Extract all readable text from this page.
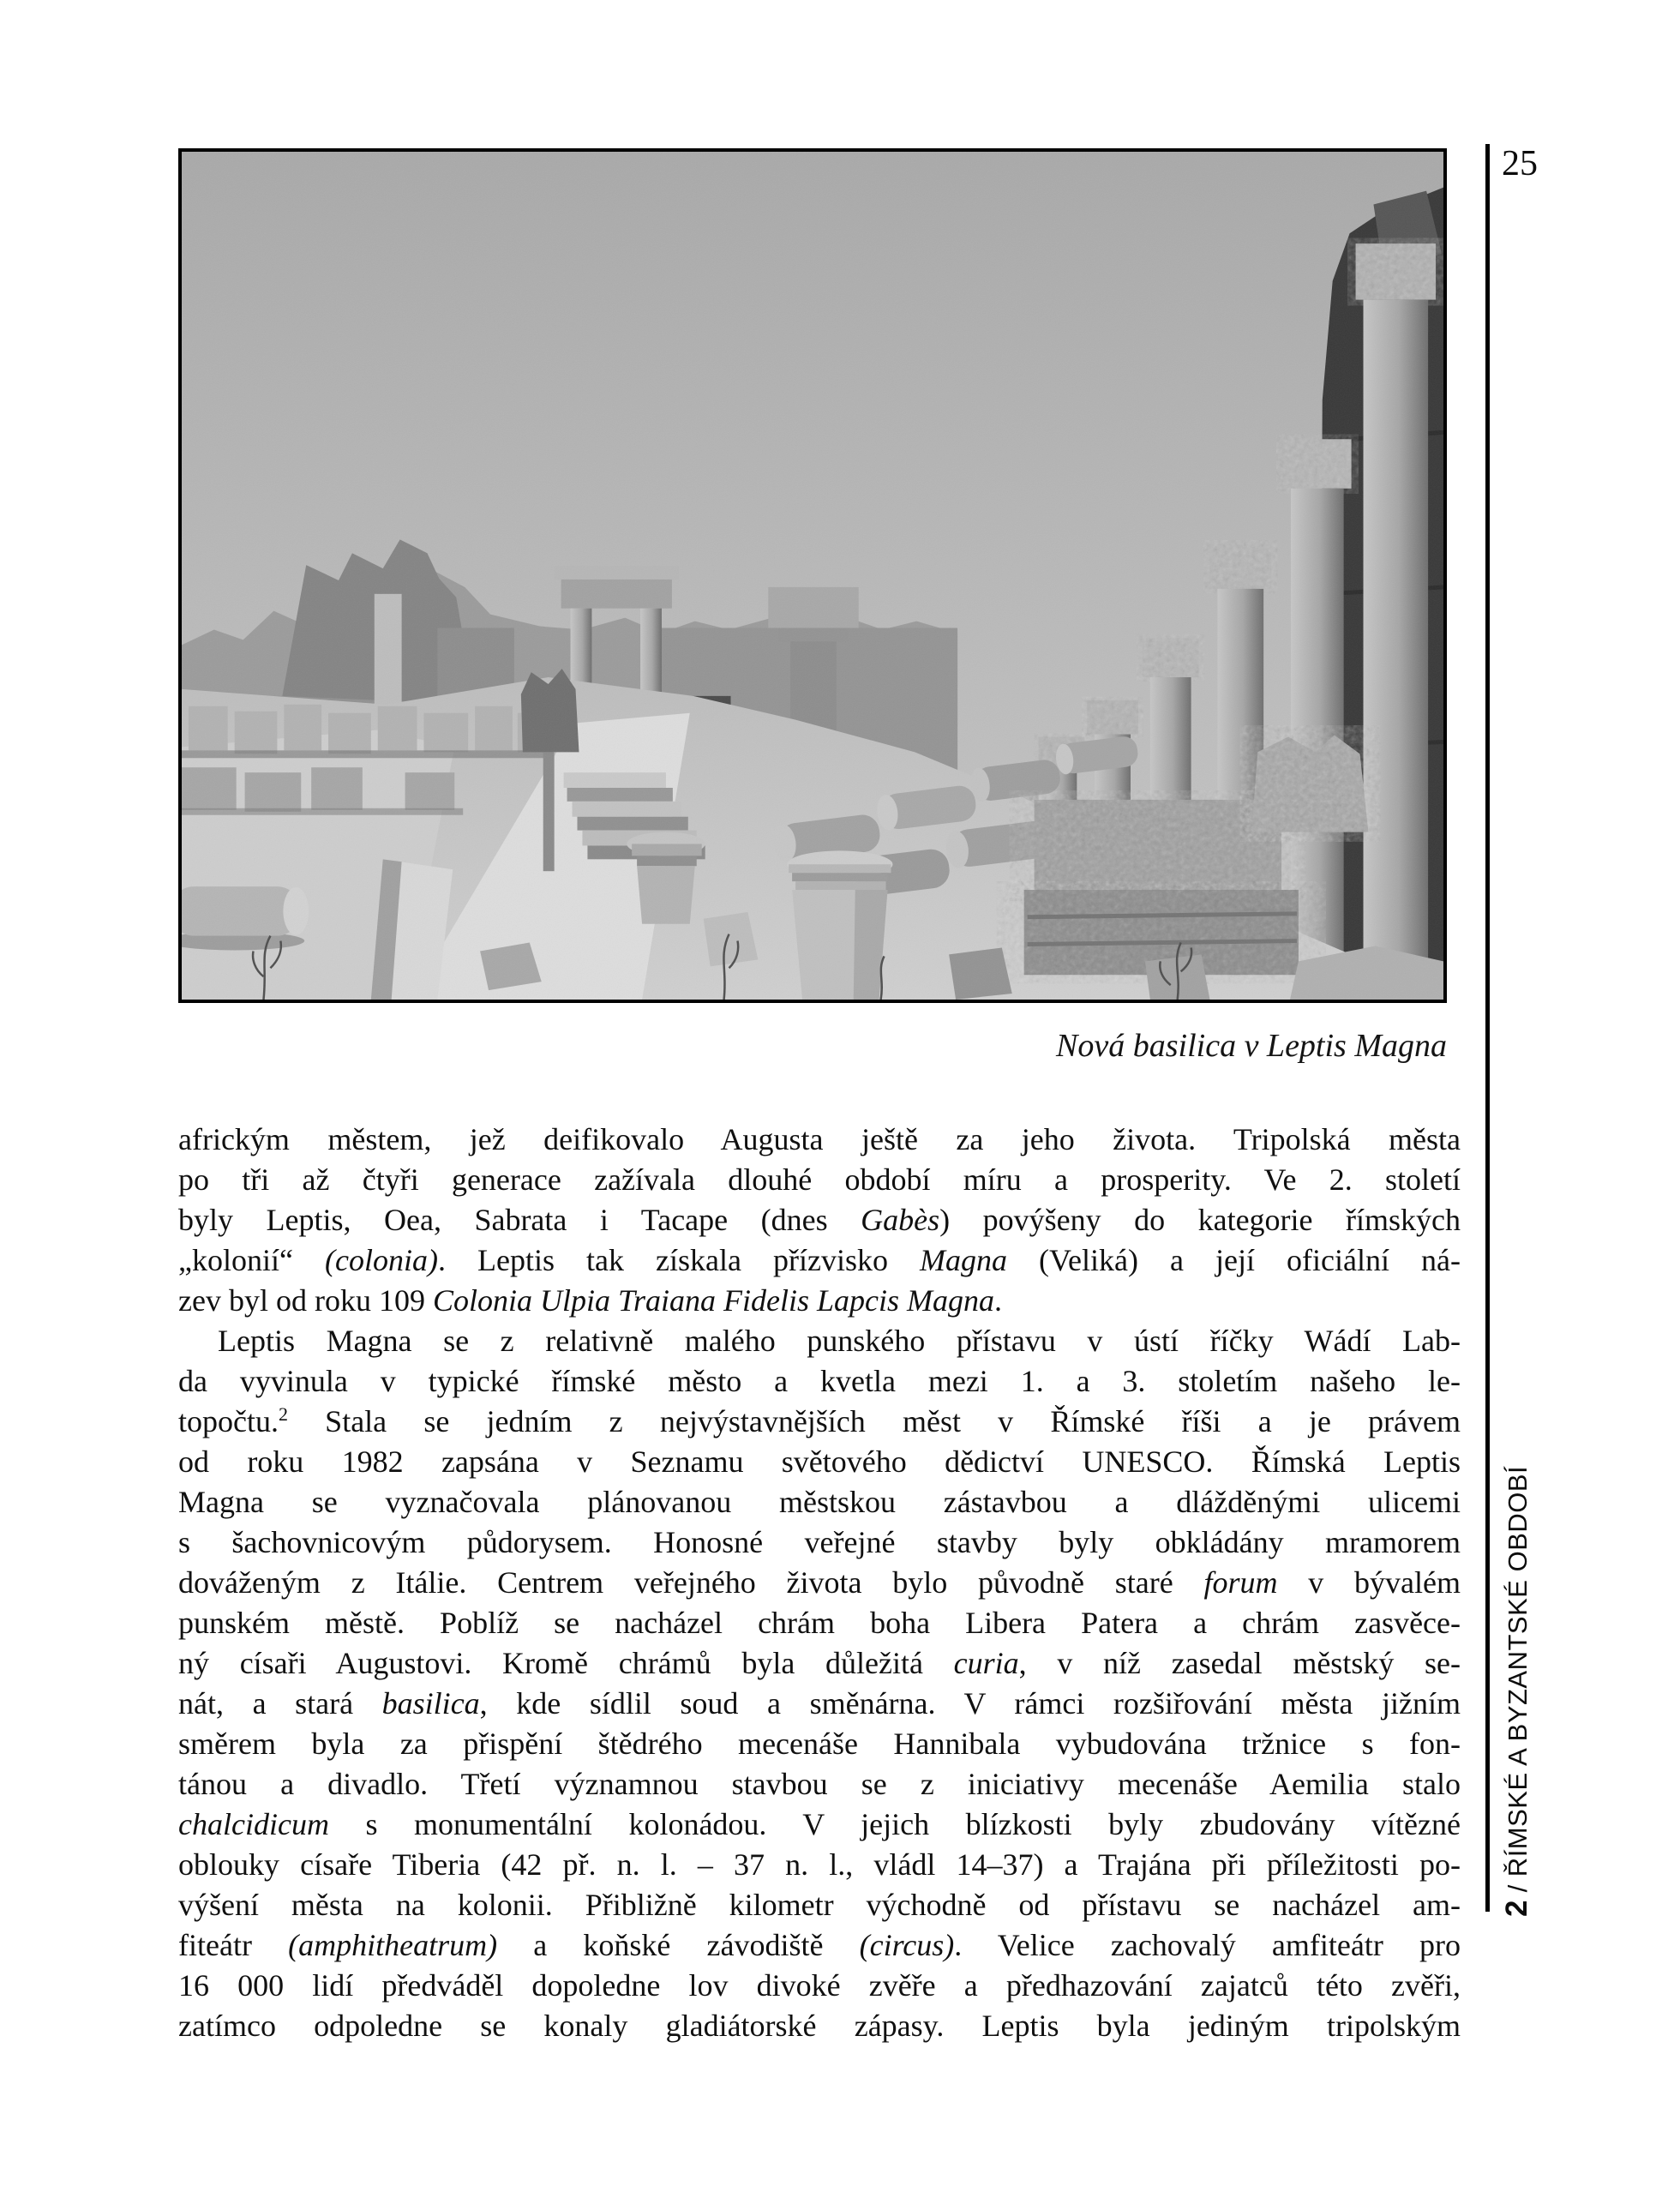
Nová basilica v Leptis Magna
africkým městem, jež deifikovalo Augusta ještě za jeho života. Tripolská města
po tři až čtyři generace zažívala dlouhé období míru a prosperity. Ve 2. století
byly Leptis, Oea, Sabrata i Tacape (dnes Gabès) povýšeny do kategorie římských
„kolonií“ (colonia). Leptis tak získala přízvisko Magna (Veliká) a její oficiální ná-
zev byl od roku 109 Colonia Ulpia Traiana Fidelis Lapcis Magna.
Leptis Magna se z relativně malého punského přístavu v ústí říčky Wádí Lab-
da vyvinula v typické římské město a kvetla mezi 1. a 3. stoletím našeho le-
topočtu.$^2$ Stala se jedním z nejvýstavnějších měst v Římské říši a je právem
od roku 1982 zapsána v Seznamu světového dědictví UNESCO. Římská Leptis
Magna se vyznačovala plánovanou městskou zástavbou a dlážděnými ulicemi
s šachovnicovým půdorysem. Honosné veřejné stavby byly obkládány mramorem
dováženým z Itálie. Centrem veřejného života bylo původně staré forum v bývalém
punském městě. Poblíž se nacházel chrám boha Libera Patera a chrám zasvěce-
ný císaři Augustovi. Kromě chrámů byla důležitá curia, v níž zasedal městský se-
nát, a stará basilica, kde sídlil soud a směnárna. V rámci rozšiřování města jižním
směrem byla za přispění štědrého mecenáše Hannibala vybudována tržnice s fon-
tánou a divadlo. Třetí významnou stavbou se z iniciativy mecenáše Aemilia stalo
chalcidicum s monumentální kolonádou. V jejich blízkosti byly zbudovány vítězné
oblouky císaře Tiberia (42 př. n. l. – 37 n. l., vládl 14–37) a Trajána při příležitosti po-
výšení města na kolonii. Přibližně kilometr východně od přístavu se nacházel am-
fiteátr (amphitheatrum) a koňské závodiště (circus). Velice zachovalý amfiteátr pro
16 000 lidí předváděl dopoledne lov divoké zvěře a předhazování zajatců této zvěři,
zatímco odpoledne se konaly gladiátorské zápasy. Leptis byla jediným tripolským
25
2 / ŘÍMSKÉ A BYZANTSKÉ OBDOBÍ
